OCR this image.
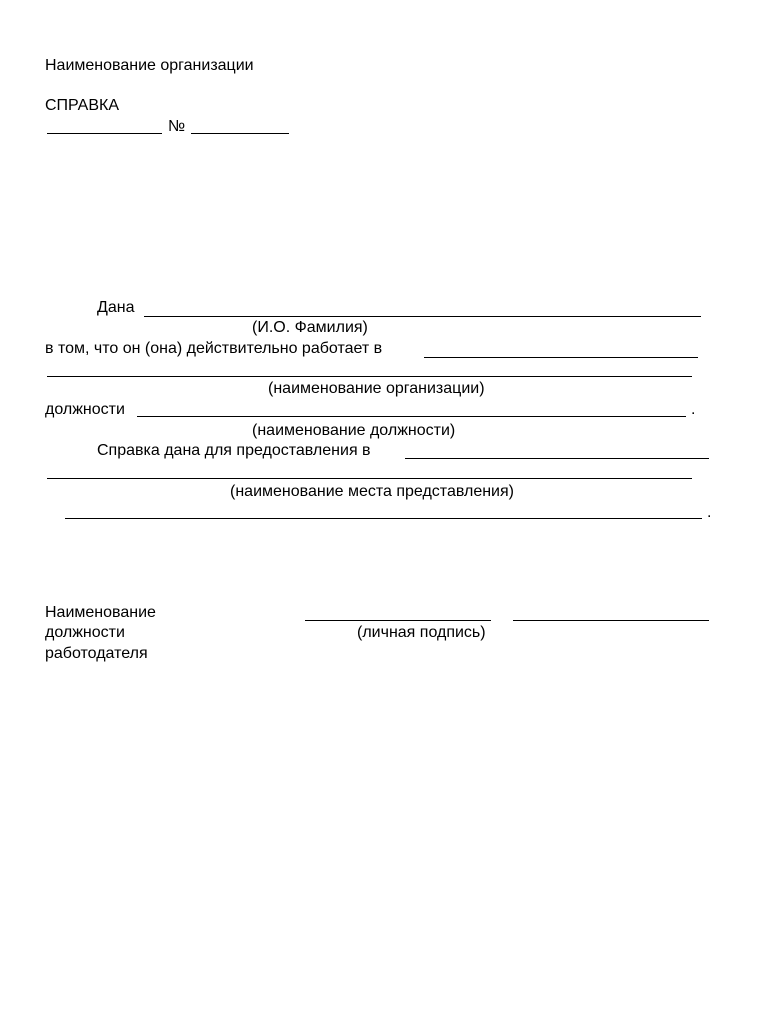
Наименование организации
СПРАВКА
№
Дана
(И.О. Фамилия)
в том, что он (она) действительно работает в
(наименование организации)
должности	.
(наименование должности)
Справка дана для предоставления в
(наименование места представления)
.
Наименование
должности
работодателя
(личная подпись)
